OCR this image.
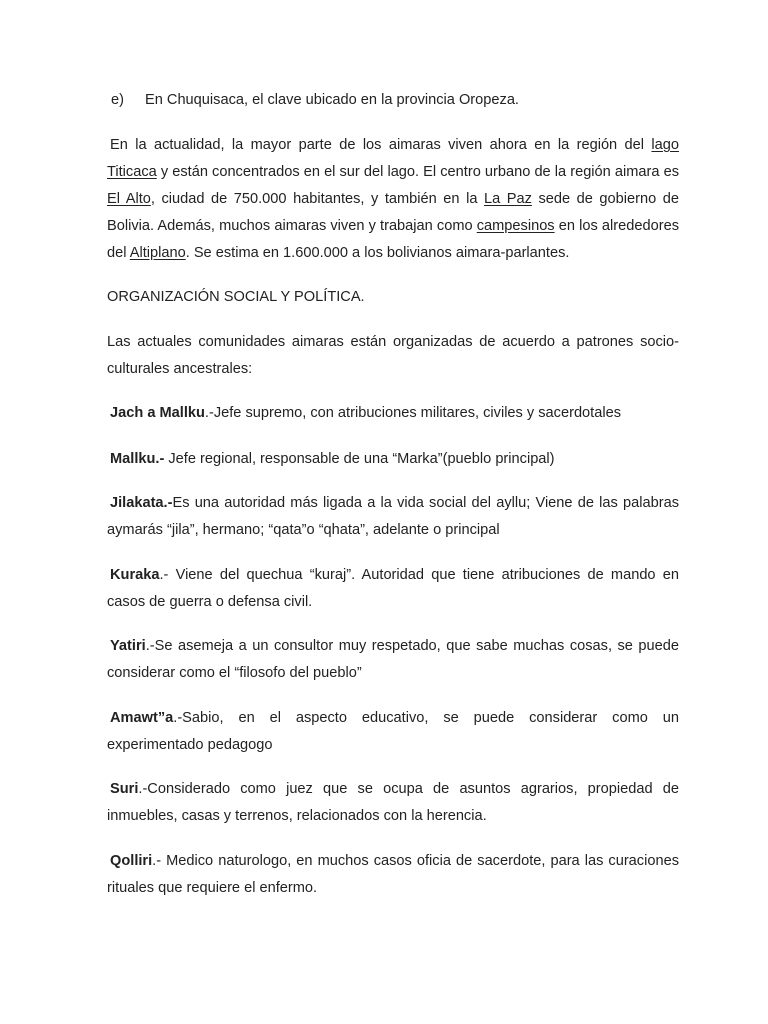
e) En Chuquisaca, el clave ubicado en la provincia Oropeza.
En la actualidad, la mayor parte de los aimaras viven ahora en la región del lago Titicaca y están concentrados en el sur del lago. El centro urbano de la región aimara es El Alto, ciudad de 750.000 habitantes, y también en la La Paz sede de gobierno de Bolivia. Además, muchos aimaras viven y trabajan como campesinos en los alrededores del Altiplano. Se estima en 1.600.000 a los bolivianos aimara-parlantes.
ORGANIZACIÓN SOCIAL Y POLÍTICA.
Las actuales comunidades aimaras están organizadas de acuerdo a patrones socio-culturales ancestrales:
Jach a Mallku.-Jefe supremo, con atribuciones militares, civiles y sacerdotales
Mallku.- Jefe regional, responsable de una “Marka”(pueblo principal)
Jilakata.-Es una autoridad más ligada a la vida social del ayllu; Viene de las palabras aymarás “jila”, hermano; “qata”o “qhata”, adelante o principal
Kuraka.- Viene del quechua “kuraj”. Autoridad que tiene atribuciones de mando en casos de guerra o defensa civil.
Yatiri.-Se asemeja a un consultor muy respetado, que sabe muchas cosas, se puede considerar como el “filosofo del pueblo”
Amawt”a.-Sabio, en el aspecto educativo, se puede considerar como un experimentado pedagogo
Suri.-Considerado como juez que se ocupa de asuntos agrarios, propiedad de inmuebles, casas y terrenos, relacionados con la herencia.
Qolliri.- Medico naturologo, en muchos casos oficia de sacerdote, para las curaciones rituales que requiere el enfermo.
